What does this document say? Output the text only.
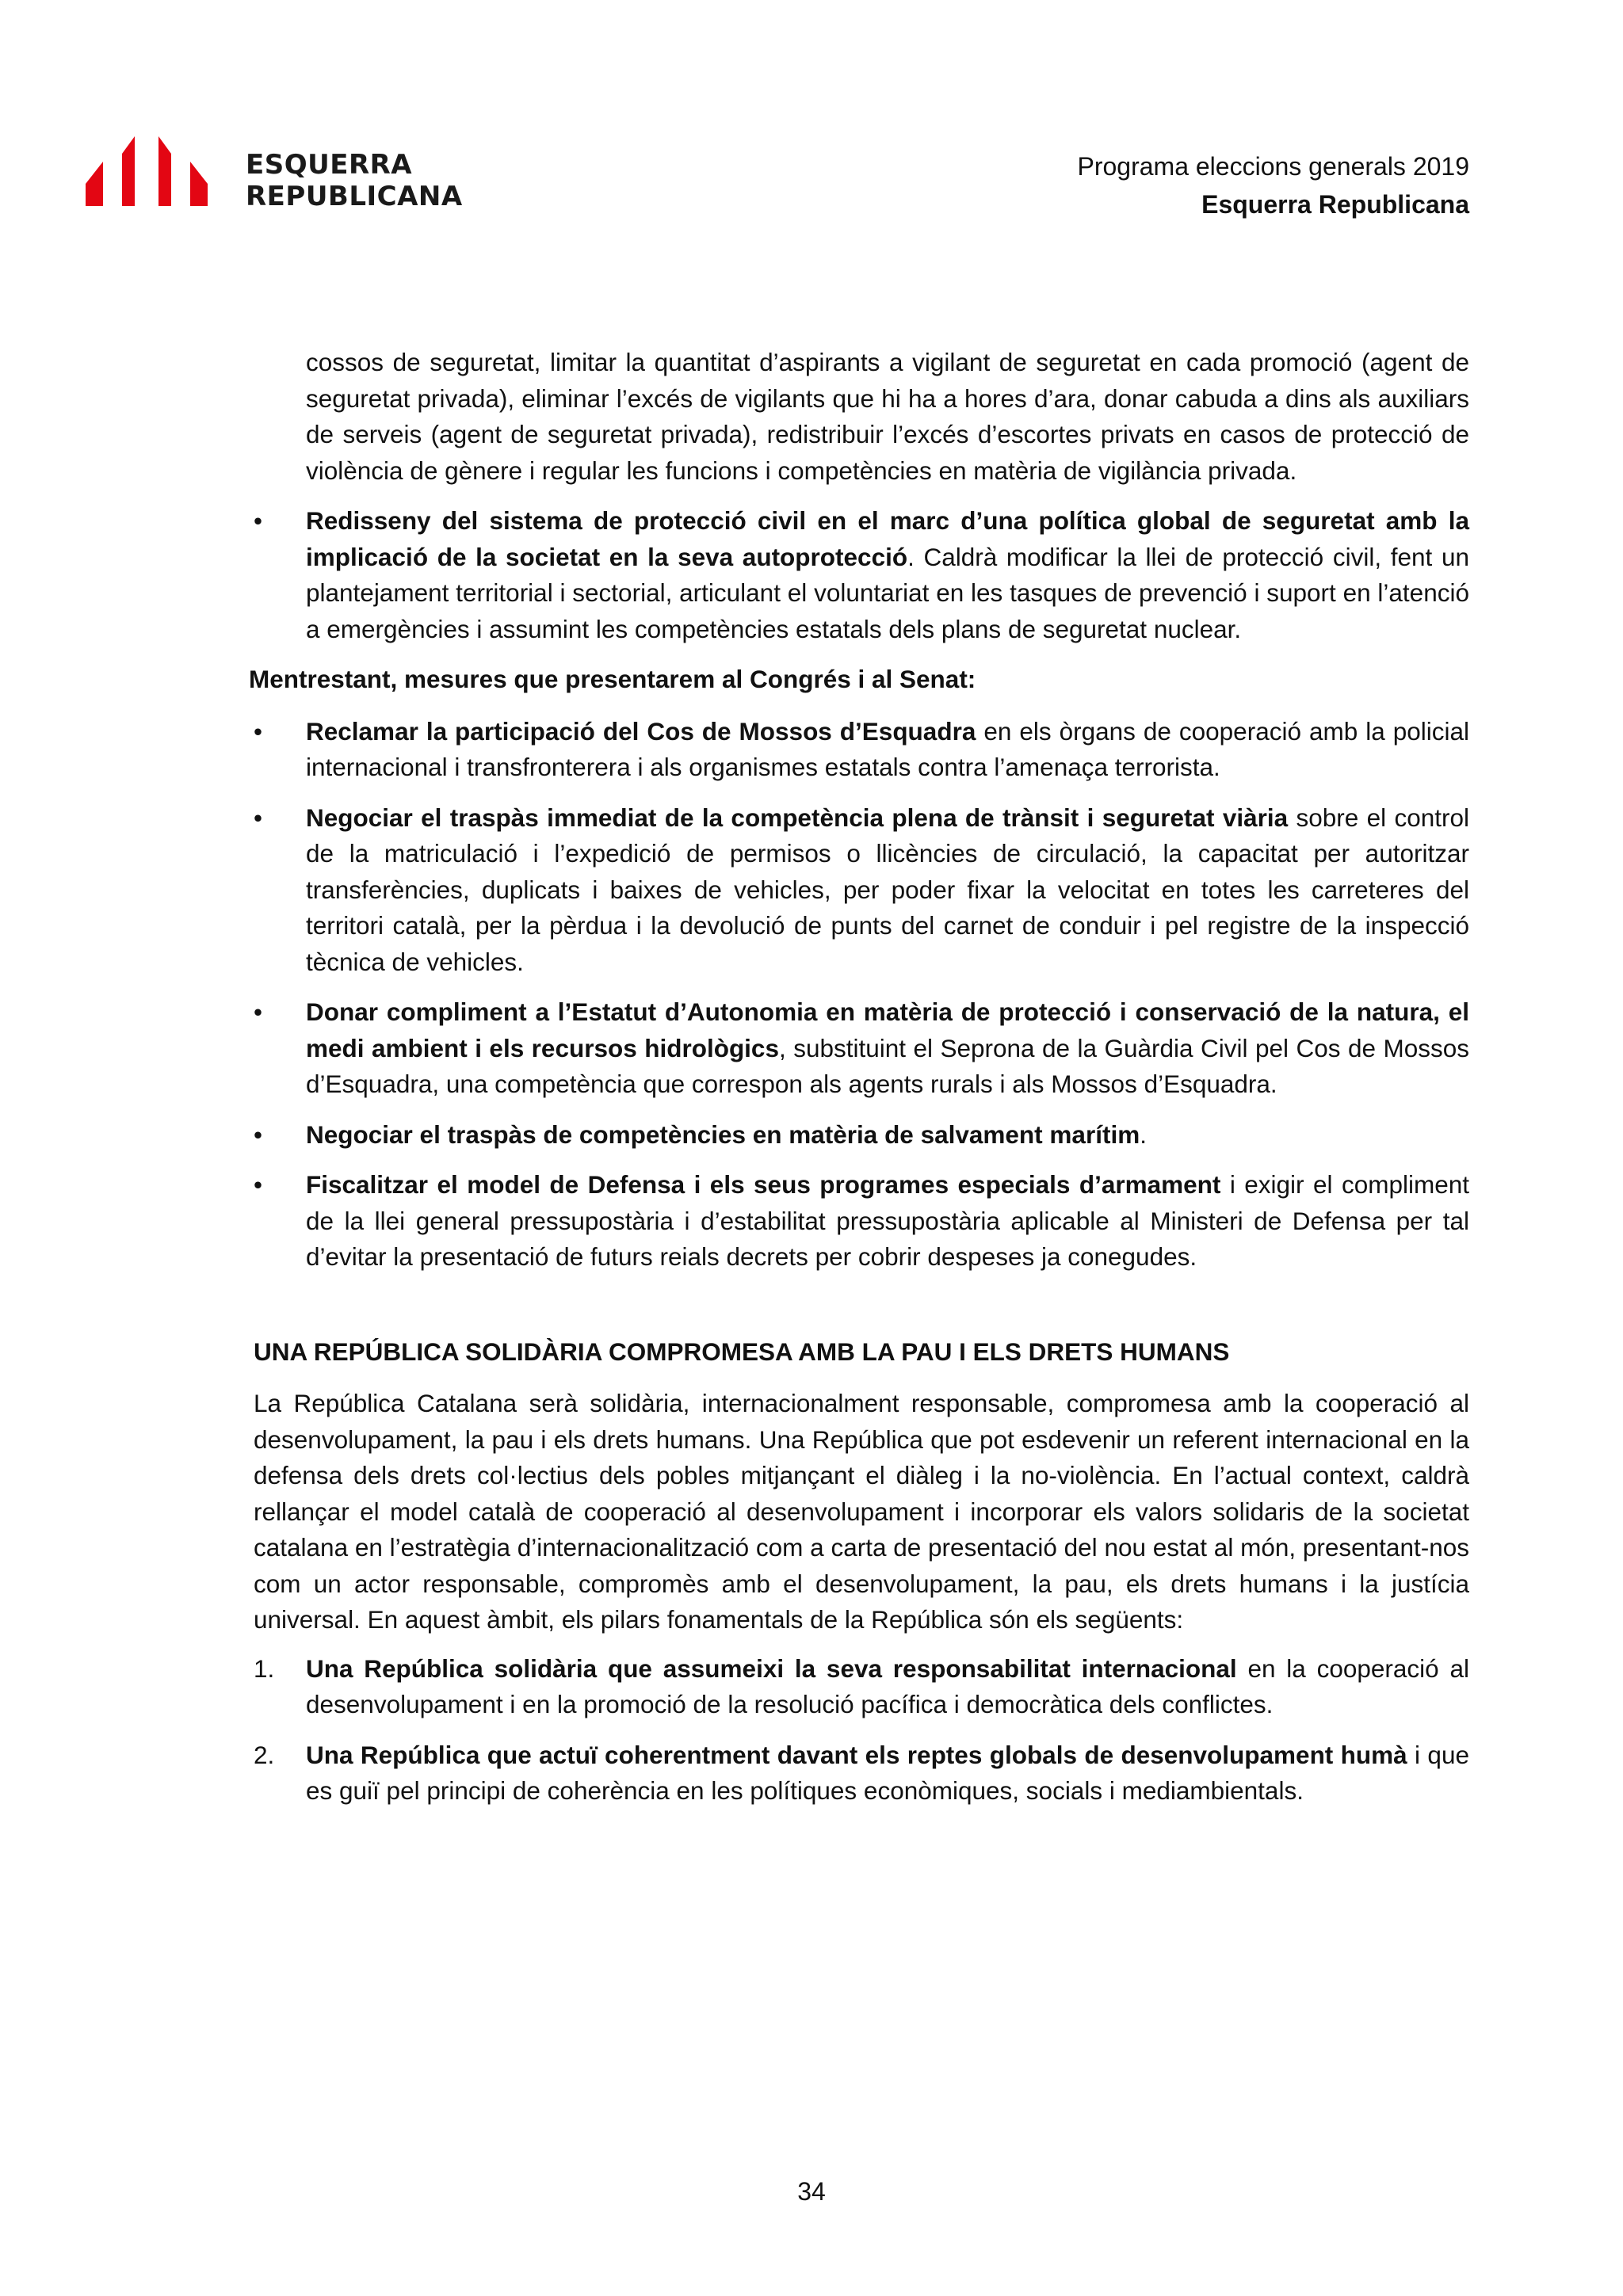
ESQUERRA
REPUBLICANA
Programa eleccions generals 2019
Esquerra Republicana

cossos de seguretat, limitar la quantitat d’aspirants a vigilant de seguretat en cada promoció (agent de seguretat privada), eliminar l’excés de vigilants que hi ha a hores d’ara, donar cabuda a dins als auxiliars de serveis (agent de seguretat privada), redistribuir l’excés d’escortes privats en casos de protecció de violència de gènere i regular les funcions i competències en matèria de vigilància privada.

•	Redisseny del sistema de protecció civil en el marc d’una política global de seguretat amb la implicació de la societat en la seva autoprotecció. Caldrà modificar la llei de protecció civil, fent un plantejament territorial i sectorial, articulant el voluntariat en les tasques de prevenció i suport en l’atenció a emergències i assumint les competències estatals dels plans de seguretat nuclear.

Mentrestant, mesures que presentarem al Congrés i al Senat:

•	Reclamar la participació del Cos de Mossos d’Esquadra en els òrgans de cooperació amb la policial internacional i transfronterera i als organismes estatals contra l’amenaça terrorista.
•	Negociar el traspàs immediat de la competència plena de trànsit i seguretat viària sobre el control de la matriculació i l’expedició de permisos o llicències de circulació, la capacitat per autoritzar transferències, duplicats i baixes de vehicles, per poder fixar la velocitat en totes les carreteres del territori català, per la pèrdua i la devolució de punts del carnet de conduir i pel registre de la inspecció tècnica de vehicles.
•	Donar compliment a l’Estatut d’Autonomia en matèria de protecció i conservació de la natura, el medi ambient i els recursos hidrològics, substituint el Seprona de la Guàrdia Civil pel Cos de Mossos d’Esquadra, una competència que correspon als agents rurals i als Mossos d’Esquadra.
•	Negociar el traspàs de competències en matèria de salvament marítim.
•	Fiscalitzar el model de Defensa i els seus programes especials d’armament i exigir el compliment de la llei general pressupostària i d’estabilitat pressupostària aplicable al Ministeri de Defensa per tal d’evitar la presentació de futurs reials decrets per cobrir despeses ja conegudes.

UNA REPÚBLICA SOLIDÀRIA COMPROMESA AMB LA PAU I ELS DRETS HUMANS

La República Catalana serà solidària, internacionalment responsable, compromesa amb la cooperació al desenvolupament, la pau i els drets humans. Una República que pot esdevenir un referent internacional en la defensa dels drets col·lectius dels pobles mitjançant el diàleg i la no-violència. En l’actual context, caldrà rellançar el model català de cooperació al desenvolupament i incorporar els valors solidaris de la societat catalana en l’estratègia d’internacionalització com a carta de presentació del nou estat al món, presentant-nos com un actor responsable, compromès amb el desenvolupament, la pau, els drets humans i la justícia universal. En aquest àmbit, els pilars fonamentals de la República són els següents:

1. Una República solidària que assumeixi la seva responsabilitat internacional en la cooperació al desenvolupament i en la promoció de la resolució pacífica i democràtica dels conflictes.
2. Una República que actuï coherentment davant els reptes globals de desenvolupament humà i que es guiï pel principi de coherència en les polítiques econòmiques, socials i mediambientals.
34
